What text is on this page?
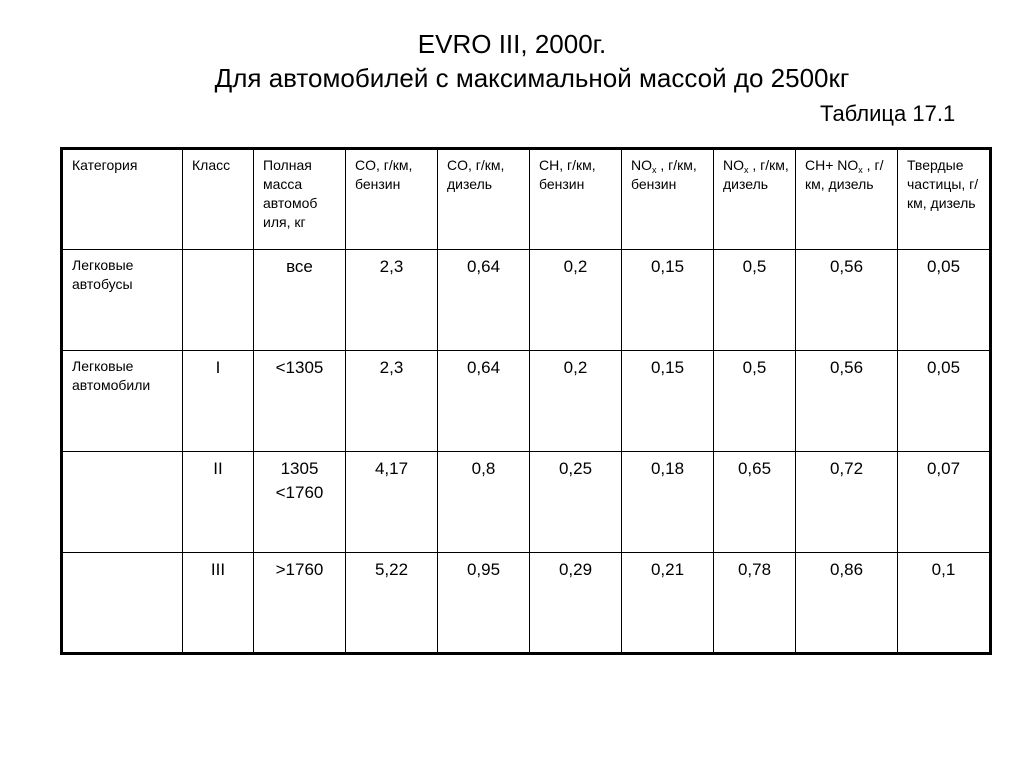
EVRO III, 2000г.
Для автомобилей с максимальной массой до 2500кг
Таблица 17.1
Категория	Класс	Полная масса автомоб иля, кг	CO, г/км, бензин	CO, г/км, дизель	CH, г/км, бензин	$NO_x$ , г/км, бензин	$NO_x$ , г/км, дизель	$CH+ NO_x$ , г/км, дизель	Твердые частицы, г/км, дизель
Легковые автобусы		все	2,3	0,64	0,2	0,15	0,5	0,56	0,05
Легковые автомобили	I	<1305	2,3	0,64	0,2	0,15	0,5	0,56	0,05
	II	1305 <1760	4,17	0,8	0,25	0,18	0,65	0,72	0,07
	III	>1760	5,22	0,95	0,29	0,21	0,78	0,86	0,1
